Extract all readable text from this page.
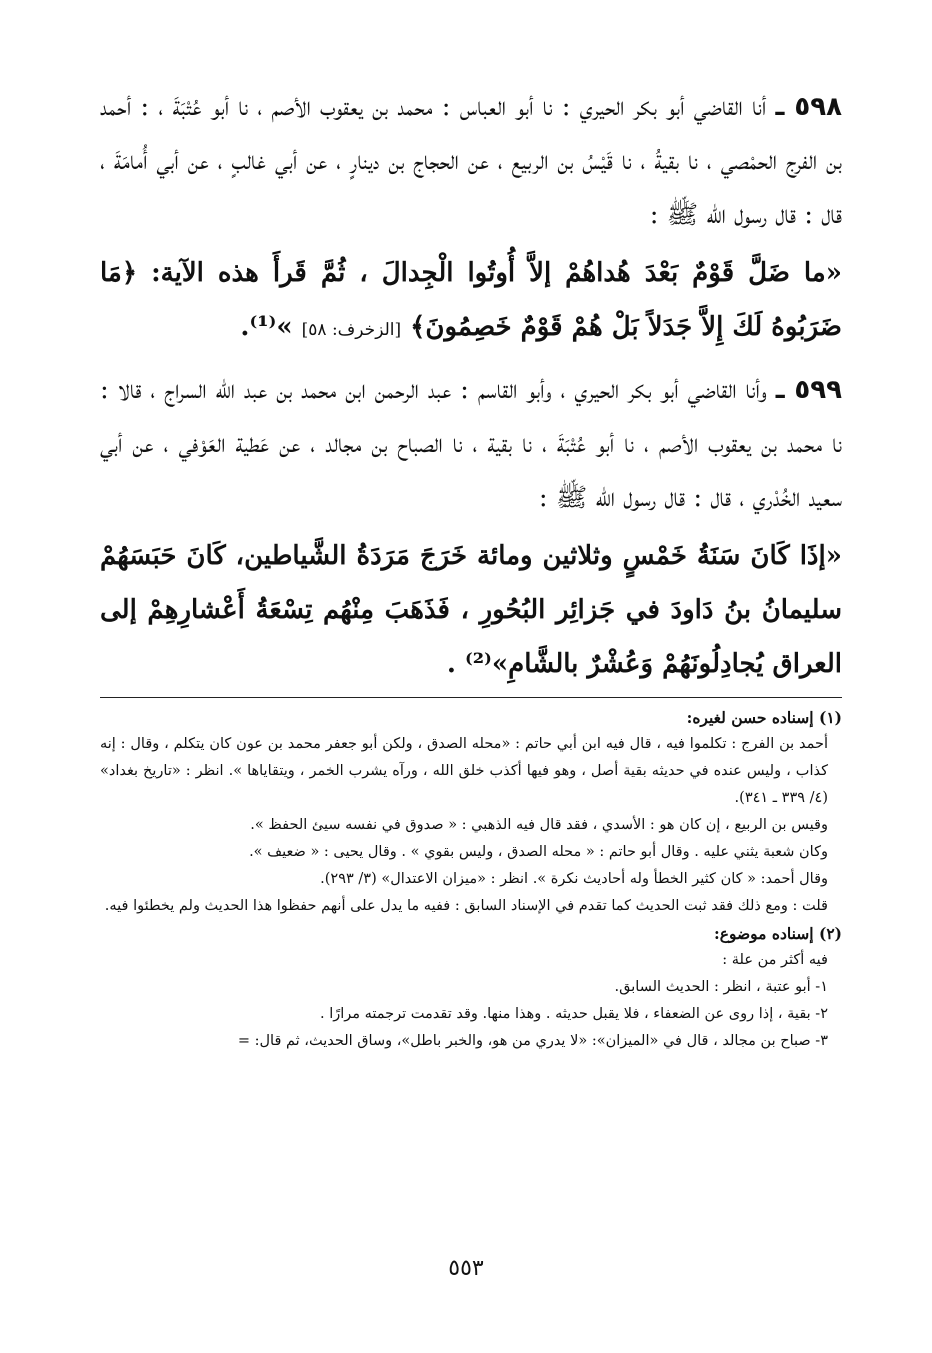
٥٩٨ ـ أنا القاضي أبو بكر الحيري : نا أبو العباس : محمد بن يعقوب الأصم ، نا أبو عُتْبَةَ ، : أحمد بن الفرج الحمْصي ، نا بقيةُ ، نا قَيْسُ بن الربيع ، عن الحجاج بن دينارٍ ، عن أبي غالبٍ ، عن أبي أُمامَةَ ، قال : قال رسول الله ﷺ :

«ما ضَلَّ قَوْمٌ بَعْدَ هُداهُمْ إلاَّ أُوتُوا الْجِدالَ ، ثُمَّ قَرأَ هذه الآية: ﴿مَا ضَرَبُوهُ لَكَ إِلاَّ جَدَلاً بَلْ هُمْ قَوْمٌ خَصِمُونَ﴾ [الزخرف: ٥٨] »⁽¹⁾.

٥٩٩ ـ وأنا القاضي أبو بكر الحيري ، وأبو القاسم : عبد الرحمن ابن محمد بن عبد الله السراج ، قالا : نا محمد بن يعقوب الأصم ، نا أبو عُتْبَةَ ، نا بقية ، نا الصباح بن مجالد ، عن عَطية العَوْفي ، عن أبي سعيد الخُدْري ، قال : قال رسول الله ﷺ :

«إذَا كَانَ سَنَةُ خَمْسٍ وثلاثين ومائة خَرَجَ مَرَدَةُ الشَّياطين، كَانَ حَبَسَهُمْ سليمانُ بنُ دَاودَ في جَزائِر البُحُورِ ، فَذَهَبَ مِنْهُم تِسْعَةُ أَعْشارِهِمْ إلى العراق يُجادِلُونَهُمْ وَعُشْرٌ بالشَّامِ»⁽²⁾ .

(١) إسناده حسن لغيره:

أحمد بن الفرج : تكلموا فيه ، قال فيه ابن أبي حاتم : «محله الصدق ، ولكن أبو جعفر محمد بن عون كان يتكلم ، وقال : إنه كذاب ، وليس عنده في حديثه بقية أصل ، وهو فيها أكذب خلق الله ، ورآه يشرب الخمر ، ويتقاياها ». انظر : «تاريخ بغداد» (٤/ ٣٣٩ ـ ٣٤١).

وقيس بن الربيع ، إن كان هو : الأسدي ، فقد قال فيه الذهبي : « صدوق في نفسه سيئ الحفظ ».

وكان شعبة يثني عليه . وقال أبو حاتم : « محله الصدق ، وليس بقوي » . وقال يحيى : « ضعيف ».

وقال أحمد: « كان كثير الخطأ وله أحاديث نكرة ». انظر : «ميزان الاعتدال» (٣/ ٢٩٣).

قلت : ومع ذلك فقد ثبت الحديث كما تقدم في الإسناد السابق : ففيه ما يدل على أنهم حفظوا هذا الحديث ولم يخطئوا فيه.

(٢) إسناده موضوع:

فيه أكثر من علة :

١- أبو عتبة ، انظر : الحديث السابق.

٢- بقية ، إذا روى عن الضعفاء ، فلا يقبل حديثه . وهذا منها. وقد تقدمت ترجمته مرارًا .

٣- صباح بن مجالد ، قال في «الميزان»: «لا يدري من هو، والخبر باطل»، وساق الحديث، ثم قال: =

٥٥٣
